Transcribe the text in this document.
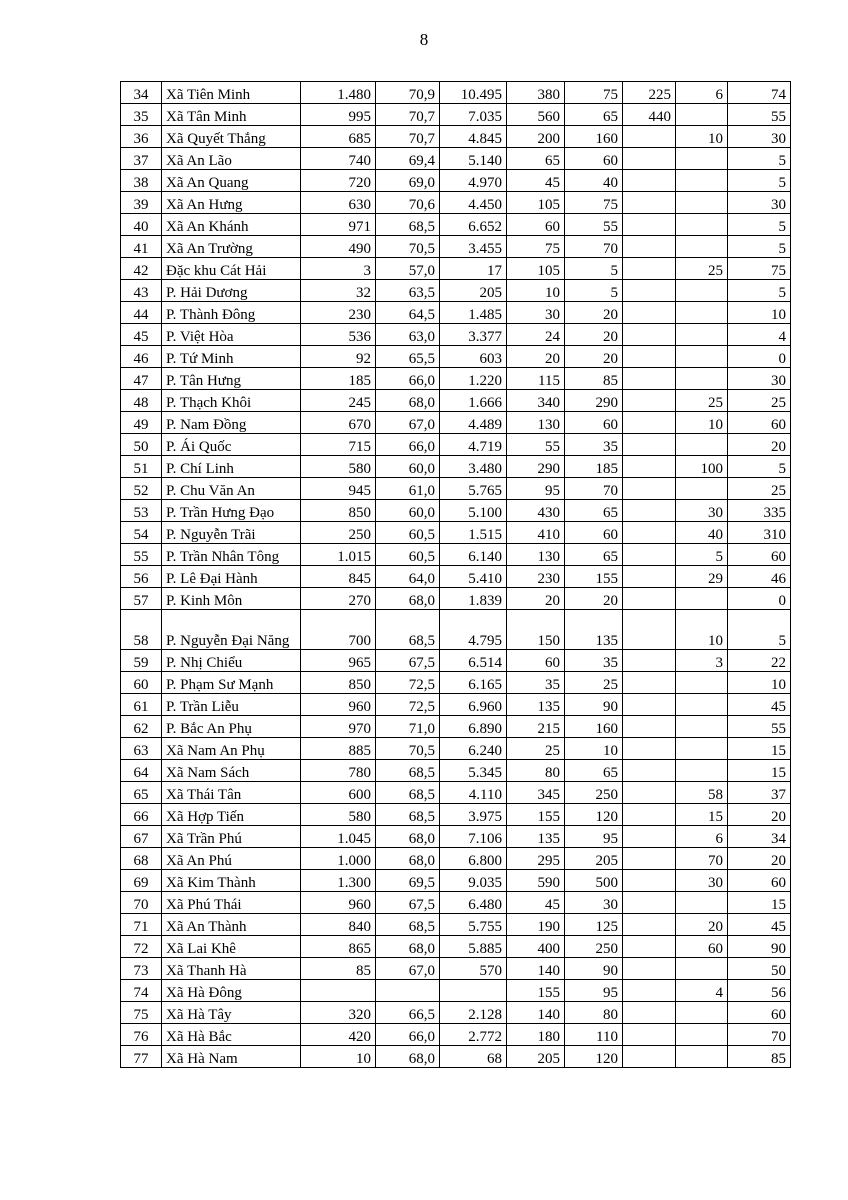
8
34	Xã Tiên Minh	1.480	70,9	10.495	380	75	225	6	74
35	Xã Tân Minh	995	70,7	7.035	560	65	440		55
36	Xã Quyết Thắng	685	70,7	4.845	200	160		10	30
37	Xã An Lão	740	69,4	5.140	65	60			5
38	Xã An Quang	720	69,0	4.970	45	40			5
39	Xã An Hưng	630	70,6	4.450	105	75			30
40	Xã An Khánh	971	68,5	6.652	60	55			5
41	Xã An Trường	490	70,5	3.455	75	70			5
42	Đặc khu Cát Hải	3	57,0	17	105	5		25	75
43	P. Hải Dương	32	63,5	205	10	5			5
44	P. Thành Đông	230	64,5	1.485	30	20			10
45	P. Việt Hòa	536	63,0	3.377	24	20			4
46	P. Tứ Minh	92	65,5	603	20	20			0
47	P. Tân Hưng	185	66,0	1.220	115	85			30
48	P. Thạch Khôi	245	68,0	1.666	340	290		25	25
49	P. Nam Đồng	670	67,0	4.489	130	60		10	60
50	P. Ái Quốc	715	66,0	4.719	55	35			20
51	P. Chí Linh	580	60,0	3.480	290	185		100	5
52	P. Chu Văn An	945	61,0	5.765	95	70			25
53	P. Trần Hưng Đạo	850	60,0	5.100	430	65		30	335
54	P. Nguyễn Trãi	250	60,5	1.515	410	60		40	310
55	P. Trần Nhân Tông	1.015	60,5	6.140	130	65		5	60
56	P. Lê Đại Hành	845	64,0	5.410	230	155		29	46
57	P. Kinh Môn	270	68,0	1.839	20	20			0
58	P. Nguyễn Đại Năng	700	68,5	4.795	150	135		10	5
59	P. Nhị Chiểu	965	67,5	6.514	60	35		3	22
60	P. Phạm Sư Mạnh	850	72,5	6.165	35	25			10
61	P. Trần Liễu	960	72,5	6.960	135	90			45
62	P. Bắc An Phụ	970	71,0	6.890	215	160			55
63	Xã Nam An Phụ	885	70,5	6.240	25	10			15
64	Xã Nam Sách	780	68,5	5.345	80	65			15
65	Xã Thái Tân	600	68,5	4.110	345	250		58	37
66	Xã Hợp Tiến	580	68,5	3.975	155	120		15	20
67	Xã Trần Phú	1.045	68,0	7.106	135	95		6	34
68	Xã An Phú	1.000	68,0	6.800	295	205		70	20
69	Xã Kim Thành	1.300	69,5	9.035	590	500		30	60
70	Xã Phú Thái	960	67,5	6.480	45	30			15
71	Xã An Thành	840	68,5	5.755	190	125		20	45
72	Xã Lai Khê	865	68,0	5.885	400	250		60	90
73	Xã Thanh Hà	85	67,0	570	140	90			50
74	Xã Hà Đông				155	95		4	56
75	Xã Hà Tây	320	66,5	2.128	140	80			60
76	Xã Hà Bắc	420	66,0	2.772	180	110			70
77	Xã Hà Nam	10	68,0	68	205	120			85
